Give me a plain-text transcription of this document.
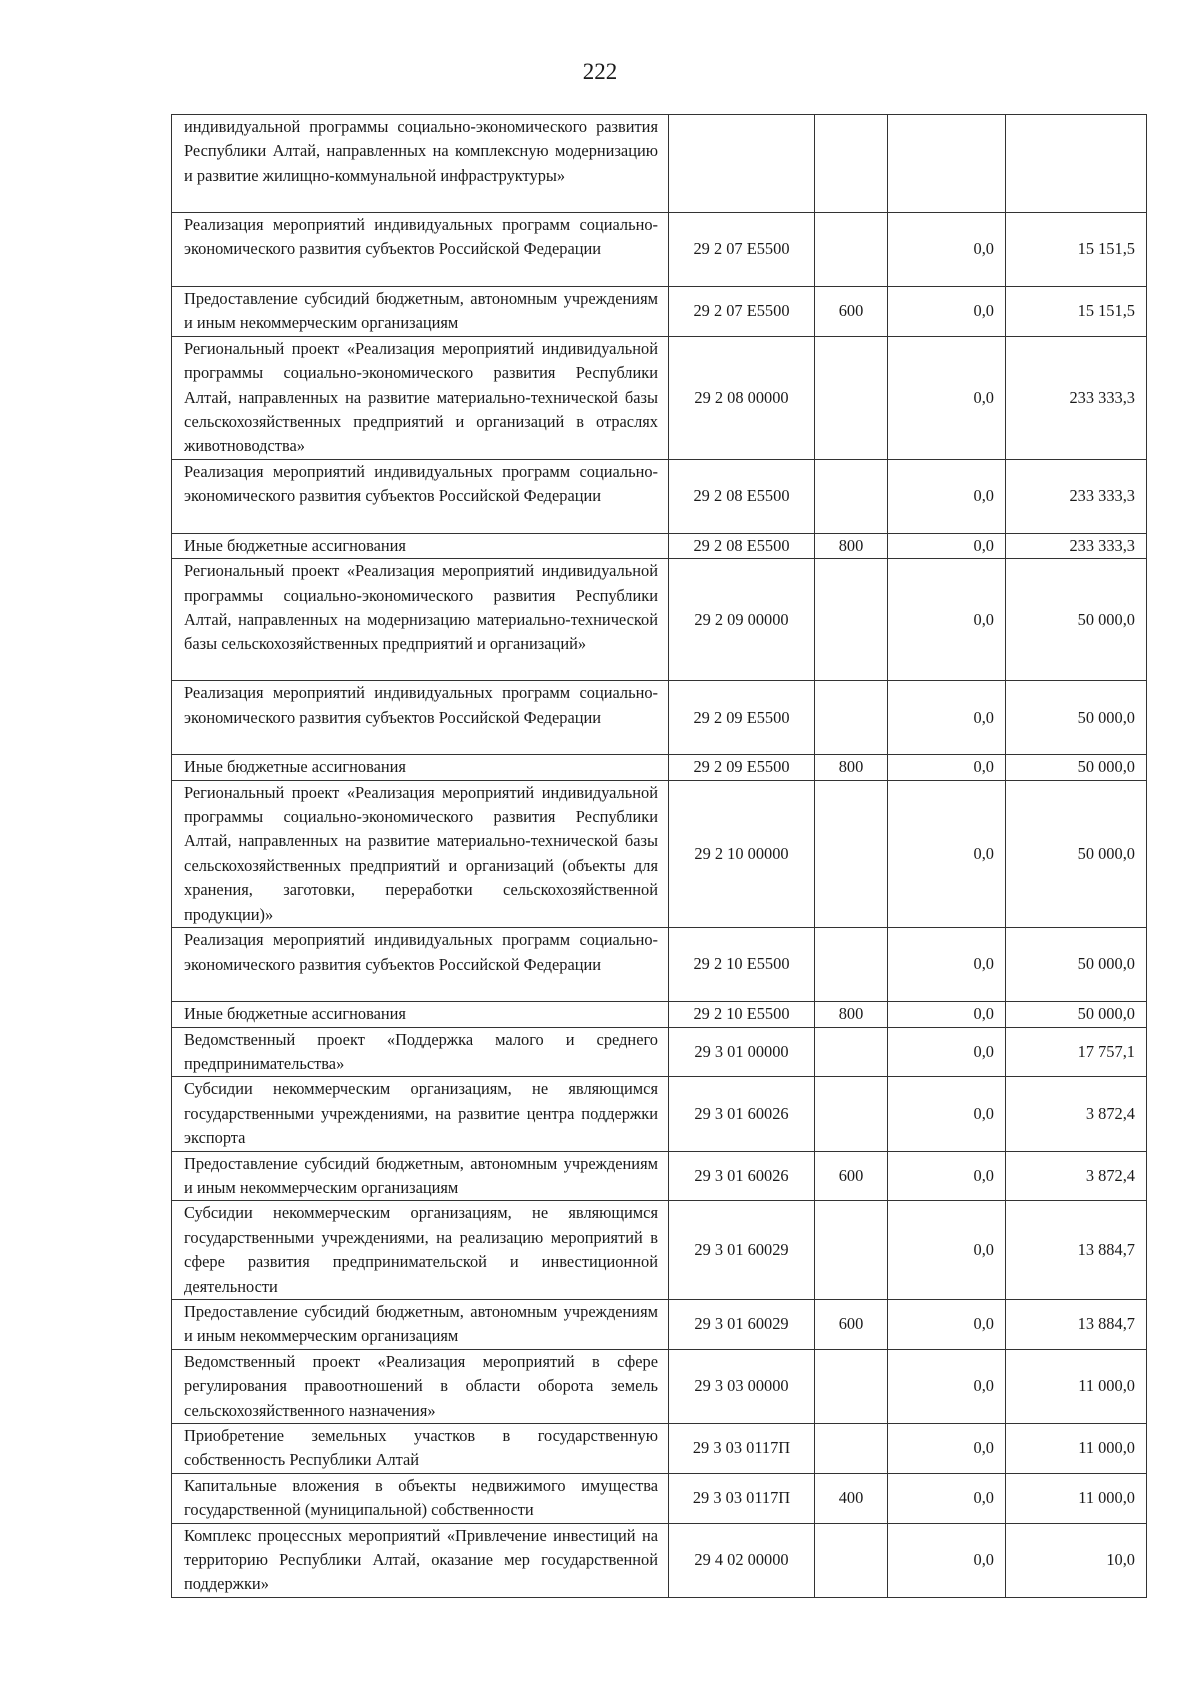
222
индивидуальной программы социально-экономического развития Республики Алтай, направленных на комплексную модернизацию и развитие жилищно-коммунальной инфраструктуры»				
Реализация мероприятий индивидуальных программ социально-экономического развития субъектов Российской Федерации	29 2 07 Е5500		0,0	15 151,5
Предоставление субсидий бюджетным, автономным учреждениям и иным некоммерческим организациям	29 2 07 Е5500	600	0,0	15 151,5
Региональный проект «Реализация мероприятий индивидуальной программы социально-экономического развития Республики Алтай, направленных на развитие материально-технической базы сельскохозяйственных предприятий и организаций в отраслях животноводства»	29 2 08 00000		0,0	233 333,3
Реализация мероприятий индивидуальных программ социально-экономического развития субъектов Российской Федерации	29 2 08 Е5500		0,0	233 333,3
Иные бюджетные ассигнования	29 2 08 Е5500	800	0,0	233 333,3
Региональный проект «Реализация мероприятий индивидуальной программы социально-экономического развития Республики Алтай, направленных на модернизацию материально-технической базы сельскохозяйственных предприятий и организаций»	29 2 09 00000		0,0	50 000,0
Реализация мероприятий индивидуальных программ социально-экономического развития субъектов Российской Федерации	29 2 09 Е5500		0,0	50 000,0
Иные бюджетные ассигнования	29 2 09 Е5500	800	0,0	50 000,0
Региональный проект «Реализация мероприятий индивидуальной программы социально-экономического развития Республики Алтай, направленных на развитие материально-технической базы сельскохозяйственных предприятий и организаций (объекты для хранения, заготовки, переработки сельскохозяйственной продукции)»	29 2 10 00000		0,0	50 000,0
Реализация мероприятий индивидуальных программ социально-экономического развития субъектов Российской Федерации	29 2 10 Е5500		0,0	50 000,0
Иные бюджетные ассигнования	29 2 10 Е5500	800	0,0	50 000,0
Ведомственный проект «Поддержка малого и среднего предпринимательства»	29 3 01 00000		0,0	17 757,1
Субсидии некоммерческим организациям, не являющимся государственными учреждениями, на развитие центра поддержки экспорта	29 3 01 60026		0,0	3 872,4
Предоставление субсидий бюджетным, автономным учреждениям и иным некоммерческим организациям	29 3 01 60026	600	0,0	3 872,4
Субсидии некоммерческим организациям, не являющимся государственными учреждениями, на реализацию мероприятий в сфере развития предпринимательской и инвестиционной деятельности	29 3 01 60029		0,0	13 884,7
Предоставление субсидий бюджетным, автономным учреждениям и иным некоммерческим организациям	29 3 01 60029	600	0,0	13 884,7
Ведомственный проект «Реализация мероприятий в сфере регулирования правоотношений в области оборота земель сельскохозяйственного назначения»	29 3 03 00000		0,0	11 000,0
Приобретение земельных участков в государственную собственность Республики Алтай	29 3 03 0117П		0,0	11 000,0
Капитальные вложения в объекты недвижимого имущества государственной (муниципальной) собственности	29 3 03 0117П	400	0,0	11 000,0
Комплекс процессных мероприятий «Привлечение инвестиций на территорию Республики Алтай, оказание мер государственной поддержки»	29 4 02 00000		0,0	10,0
